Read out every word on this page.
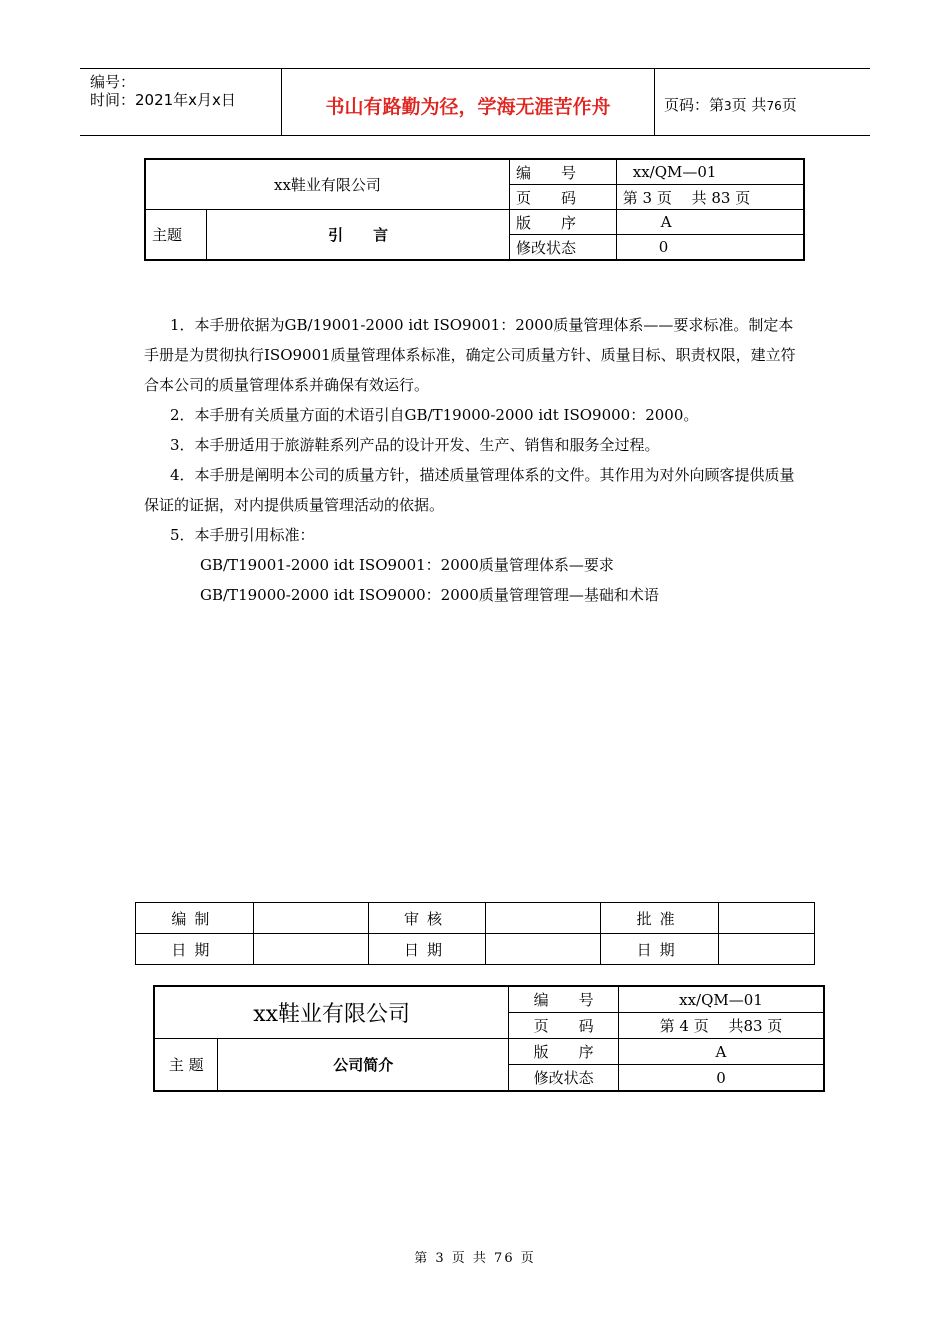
编号：
时间：2021年x月x日	书山有路勤为径，学海无涯苦作舟	页码：第3页 共76页
xx鞋业有限公司		编　　号	xx/QM—01
		页　　码	第 3 页　 共 83 页
主题	引　　言	版　　序	A
		修改状态	0

1．本手册依据为GB/19001-2000 idt ISO9001：2000质量管理体系——要求标准。制定本手册是为贯彻执行ISO9001质量管理体系标准，确定公司质量方针、质量目标、职责权限，建立符合本公司的质量管理体系并确保有效运行。

2．本手册有关质量方面的术语引自GB/T19000-2000 idt ISO9000：2000。

3．本手册适用于旅游鞋系列产品的设计开发、生产、销售和服务全过程。

4．本手册是阐明本公司的质量方针，描述质量管理体系的文件。其作用为对外向顾客提供质量保证的证据，对内提供质量管理活动的依据。

5．本手册引用标准：

GB/T19001-2000 idt ISO9001：2000质量管理体系—要求

GB/T19000-2000 idt ISO9000：2000质量管理管理—基础和术语

编制		审核		批准	
日期		日期		日期	
xx鞋业有限公司		编　　号	xx/QM—01
		页　　码	第 4 页　 共83 页
主 题	公司简介	版　　序	A
		修改状态	0
第 3 页 共 76 页
